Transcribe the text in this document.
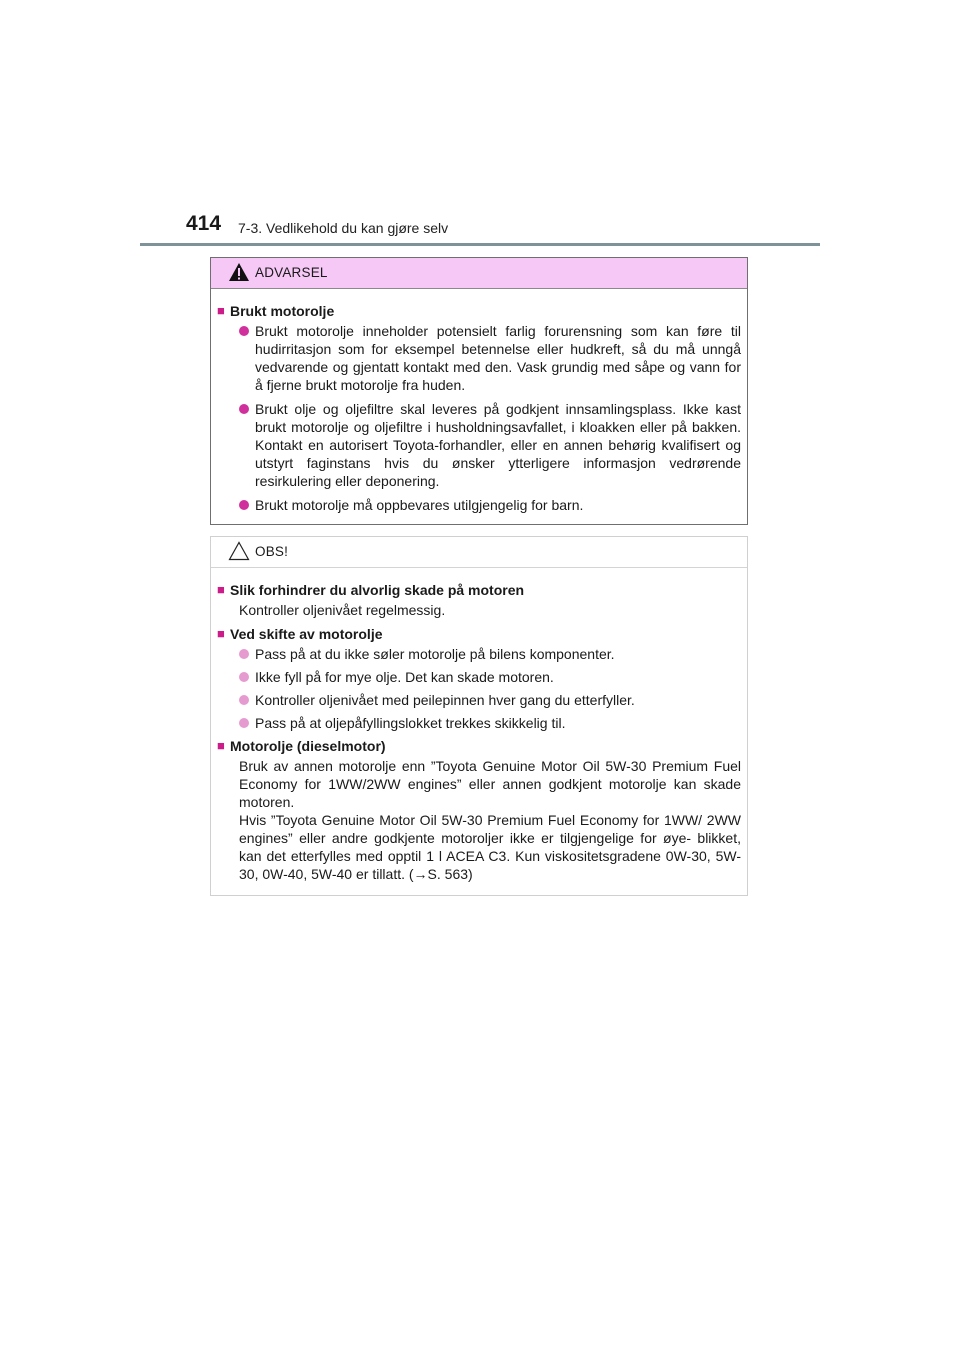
414 7-3. Vedlikehold du kan gjøre selv
ADVARSEL
■ Brukt motorolje
Brukt motorolje inneholder potensielt farlig forurensning som kan føre til hudirritasjon som for eksempel betennelse eller hudkreft, så du må unngå vedvarende og gjentatt kontakt med den. Vask grundig med såpe og vann for å fjerne brukt motorolje fra huden.
Brukt olje og oljefiltre skal leveres på godkjent innsamlingsplass. Ikke kast brukt motorolje og oljefiltre i husholdningsavfallet, i kloakken eller på bakken. Kontakt en autorisert Toyota-forhandler, eller en annen behørig kvalifisert og utstyrt faginstans hvis du ønsker ytterligere informasjon vedrørende resirkulering eller deponering.
Brukt motorolje må oppbevares utilgjengelig for barn.
OBS!
■ Slik forhindrer du alvorlig skade på motoren
Kontroller oljenivået regelmessig.
■ Ved skifte av motorolje
Pass på at du ikke søler motorolje på bilens komponenter.
Ikke fyll på for mye olje. Det kan skade motoren.
Kontroller oljenivået med peilepinnen hver gang du etterfyller.
Pass på at oljepåfyllingslokket trekkes skikkelig til.
■ Motorolje (dieselmotor)
Bruk av annen motorolje enn ”Toyota Genuine Motor Oil 5W-30 Premium Fuel Economy for 1WW/2WW engines” eller annen godkjent motorolje kan skade motoren.
Hvis ”Toyota Genuine Motor Oil 5W-30 Premium Fuel Economy for 1WW/ 2WW engines” eller andre godkjente motoroljer ikke er tilgjengelige for øye- blikket, kan det etterfylles med opptil 1 l ACEA C3. Kun viskositetsgradene 0W-30, 5W-30, 0W-40, 5W-40 er tillatt. (→S. 563)
